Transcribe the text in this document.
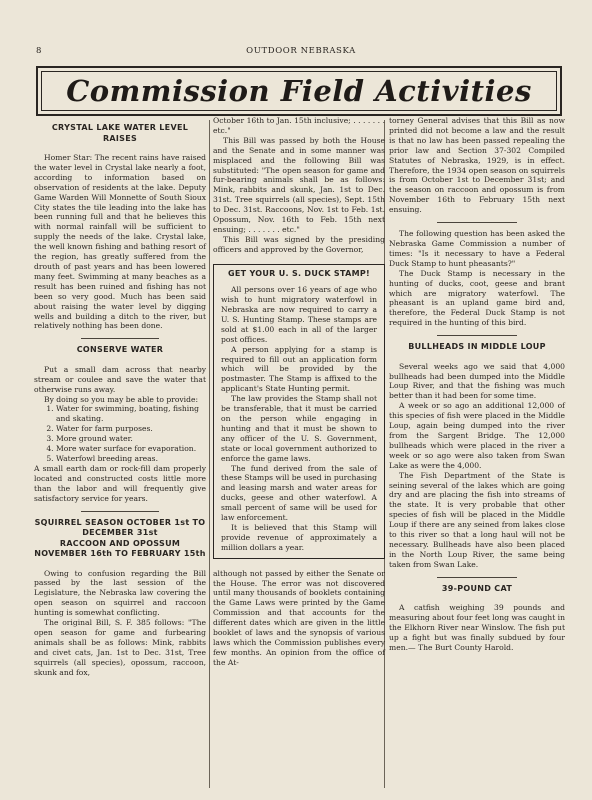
8	OUTDOOR NEBRASKA
Commission Field Activities
CRYSTAL LAKE WATER LEVEL RAISES

Homer Star: The recent rains have raised the water level in Crystal lake nearly a foot, according to information based on observation of residents at the lake. Deputy Game Warden Will Monnette of South Sioux City states the tile leading into the lake has been running full and that he believes this with normal rainfall will be sufficient to supply the needs of the lake. Crystal lake, the well known fishing and bathing resort of the region, has greatly suffered from the drouth of past years and has been lowered many feet. Swimming at many beaches as a result has been ruined and fishing has not been so very good. Much has been said about raising the water level by digging wells and building a ditch to the river, but relatively nothing has been done.

CONSERVE WATER

Put a small dam across that nearby stream or coulee and save the water that otherwise runs away.

By doing so you may be able to provide:

1. Water for swimming, boating, fishing and skating.
2. Water for farm purposes.
3. More ground water.
4. More water surface for evaporation.
5. Waterfowl breeding areas.

A small earth dam or rock-fill dam properly located and constructed costs little more than the labor and will frequently give satisfactory service for years.

SQUIRREL SEASON OCTOBER 1st TO DECEMBER 31st
RACCOON AND OPOSSUM NOVEMBER 16th TO FEBRUARY 15th

Owing to confusion regarding the Bill passed by the last session of the Legislature, the Nebraska law covering the open season on squirrel and raccoon hunting is somewhat conflicting.

The original Bill, S. F. 385 follows: "The open season for game and furbearing animals shall be as follows: Mink, rabbits and civet cats, Jan. 1st to Dec. 31st, Tree squirrels (all species), opossum, raccoon, skunk and fox,

October 16th to Jan. 15th inclusive; . . . . . . . etc."

This Bill was passed by both the House and the Senate and in some manner was misplaced and the following Bill was substituted: "The open season for game and fur-bearing animals shall be as follows: Mink, rabbits and skunk, Jan. 1st to Dec. 31st. Tree squirrels (all species), Sept. 15th to Dec. 31st. Raccoons, Nov. 1st to Feb. 1st. Opossum, Nov. 16th to Feb. 15th next ensuing; . . . . . . . etc."

This Bill was signed by the presiding officers and approved by the Governor,

GET YOUR U. S. DUCK STAMP!

All persons over 16 years of age who wish to hunt migratory waterfowl in Nebraska are now required to carry a U. S. Hunting Stamp. These stamps are sold at $1.00 each in all of the larger post offices.

A person applying for a stamp is required to fill out an application form which will be provided by the postmaster. The Stamp is affixed to the applicant's State Hunting permit.

The law provides the Stamp shall not be transferable, that it must be carried on the person while engaging in hunting and that it must be shown to any officer of the U. S. Government, state or local government authorized to enforce the game laws.

The fund derived from the sale of these Stamps will be used in purchasing and leasing marsh and water areas for ducks, geese and other waterfowl. A small percent of same will be used for law enforcement.

It is believed that this Stamp will provide revenue of approximately a million dollars a year.

although not passed by either the Senate or the House. The error was not discovered until many thousands of booklets containing the Game Laws were printed by the Game Commission and that accounts for the different dates which are given in the little booklet of laws and the synopsis of various laws which the Commission publishes every few months. An opinion from the office of the At-

torney General advises that this Bill as now printed did not become a law and the result is that no law has been passed repealing the prior law and Section 37-302 Compiled Statutes of Nebraska, 1929, is in effect. Therefore, the 1934 open season on squirrels is from October 1st to December 31st; and the season on raccoon and opossum is from November 16th to February 15th next ensuing.

The following question has been asked the Nebraska Game Commission a number of times: "Is it necessary to have a Federal Duck Stamp to hunt pheasants?"

The Duck Stamp is necessary in the hunting of ducks, coot, geese and brant which are migratory waterfowl. The pheasant is an upland game bird and, therefore, the Federal Duck Stamp is not required in the hunting of this bird.

BULLHEADS IN MIDDLE LOUP

Several weeks ago we said that 4,000 bullheads had been dumped into the Middle Loup River, and that the fishing was much better than it had been for some time.

A week or so ago an additional 12,000 of this species of fish were placed in the Middle Loup, again being dumped into the river from the Sargent Bridge. The 12,000 bullheads which were placed in the river a week or so ago were also taken from Swan Lake as were the 4,000.

The Fish Department of the State is seining several of the lakes which are going dry and are placing the fish into streams of the state. It is very probable that other species of fish will be placed in the Middle Loup if there are any seined from lakes close to this river so that a long haul will not be necessary. Bullheads have also been placed in the North Loup River, the same being taken from Swan Lake.

39-POUND CAT

A catfish weighing 39 pounds and measuring about four feet long was caught in the Elkhorn River near Winslow. The fish put up a fight but was finally subdued by four men.— The Burt County Harold.
